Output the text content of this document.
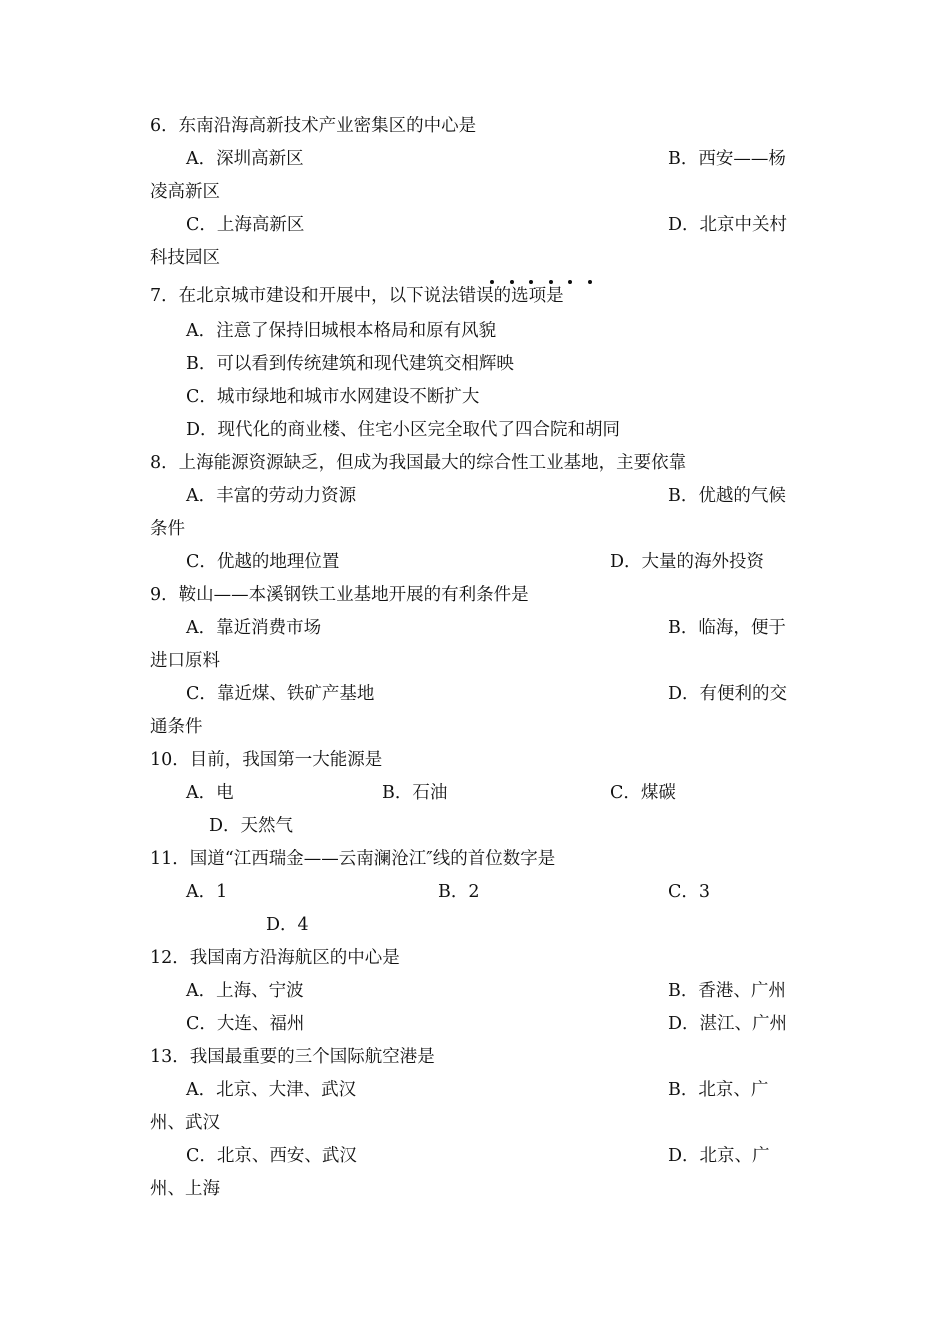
6．东南沿海高新技术产业密集区的中心是
A．深圳高新区	B．西安——杨
凌高新区
C．上海高新区	D．北京中关村
科技园区
7．在北京城市建设和开展中，以下说法错误的选项是
A．注意了保持旧城根本格局和原有风貌
B．可以看到传统建筑和现代建筑交相辉映
C．城市绿地和城市水网建设不断扩大
D．现代化的商业楼、住宅小区完全取代了四合院和胡同
8．上海能源资源缺乏，但成为我国最大的综合性工业基地，主要依靠
A．丰富的劳动力资源	B．优越的气候
条件
C．优越的地理位置	D．大量的海外投资
9．鞍山——本溪钢铁工业基地开展的有利条件是
A．靠近消费市场	B．临海，便于
进口原料
C．靠近煤、铁矿产基地	D．有便利的交
通条件
10．目前，我国第一大能源是
A．电	B．石油	C．煤碳
D．天然气
11．国道“江西瑞金——云南澜沧江″线的首位数字是
A．1	B．2	C．3
D．4
12．我国南方沿海航区的中心是
A．上海、宁波	B．香港、广州
C．大连、福州	D．湛江、广州
13．我国最重要的三个国际航空港是
A．北京、大津、武汉	B．北京、广
州、武汉
C．北京、西安、武汉	D．北京、广
州、上海
